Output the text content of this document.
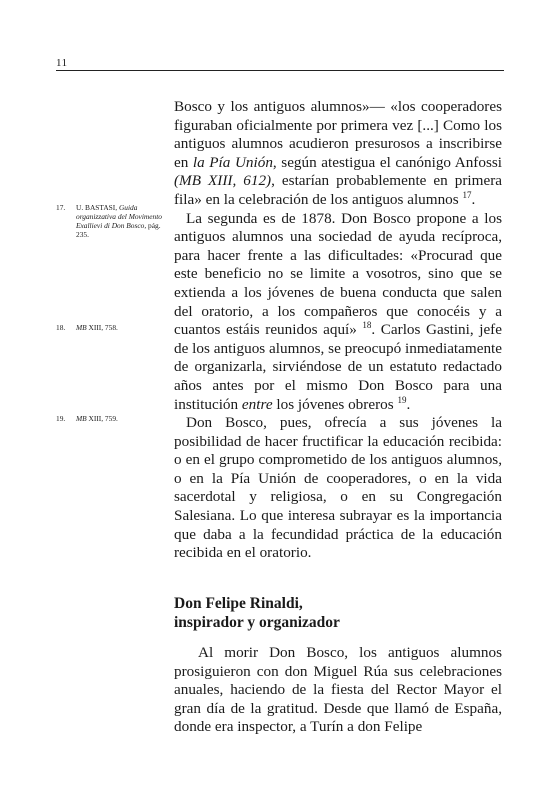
11
17.	U. BASTASI, Guida organizzativa del Movimento Exallievi di Don Bosco, pág. 235.
18.	MB XIII, 758.
19.	MB XIII, 759.

Bosco y los antiguos alumnos»— «los cooperadores figuraban oficialmente por primera vez [...] Como los antiguos alumnos acudieron presurosos a inscribirse en la Pía Unión, según atestigua el canónigo Anfossi (MB XIII, 612), estarían probablemente en primera fila» en la celebración de los antiguos alumnos $^{17}$.

La segunda es de 1878. Don Bosco propone a los antiguos alumnos una sociedad de ayuda recíproca, para hacer frente a las dificultades: «Procurad que este beneficio no se limite a vosotros, sino que se extienda a los jóvenes de buena conducta que salen del oratorio, a los compañeros que conocéis y a cuantos estáis reunidos aquí» $^{18}$. Carlos Gastini, jefe de los antiguos alumnos, se preocupó inmediatamente de organizarla, sirviéndose de un estatuto redactado años antes por el mismo Don Bosco para una institución entre los jóvenes obreros $^{19}$.

Don Bosco, pues, ofrecía a sus jóvenes la posibilidad de hacer fructificar la educación recibida: o en el grupo comprometido de los antiguos alumnos, o en la Pía Unión de cooperadores, o en la vida sacerdotal y religiosa, o en su Congregación Salesiana. Lo que interesa subrayar es la importancia que daba a la fecundidad práctica de la educación recibida en el oratorio.

Don Felipe Rinaldi,
inspirador y organizador

Al morir Don Bosco, los antiguos alumnos prosiguieron con don Miguel Rúa sus celebraciones anuales, haciendo de la fiesta del Rector Mayor el gran día de la gratitud. Desde que llamó de España, donde era inspector, a Turín a don Felipe
